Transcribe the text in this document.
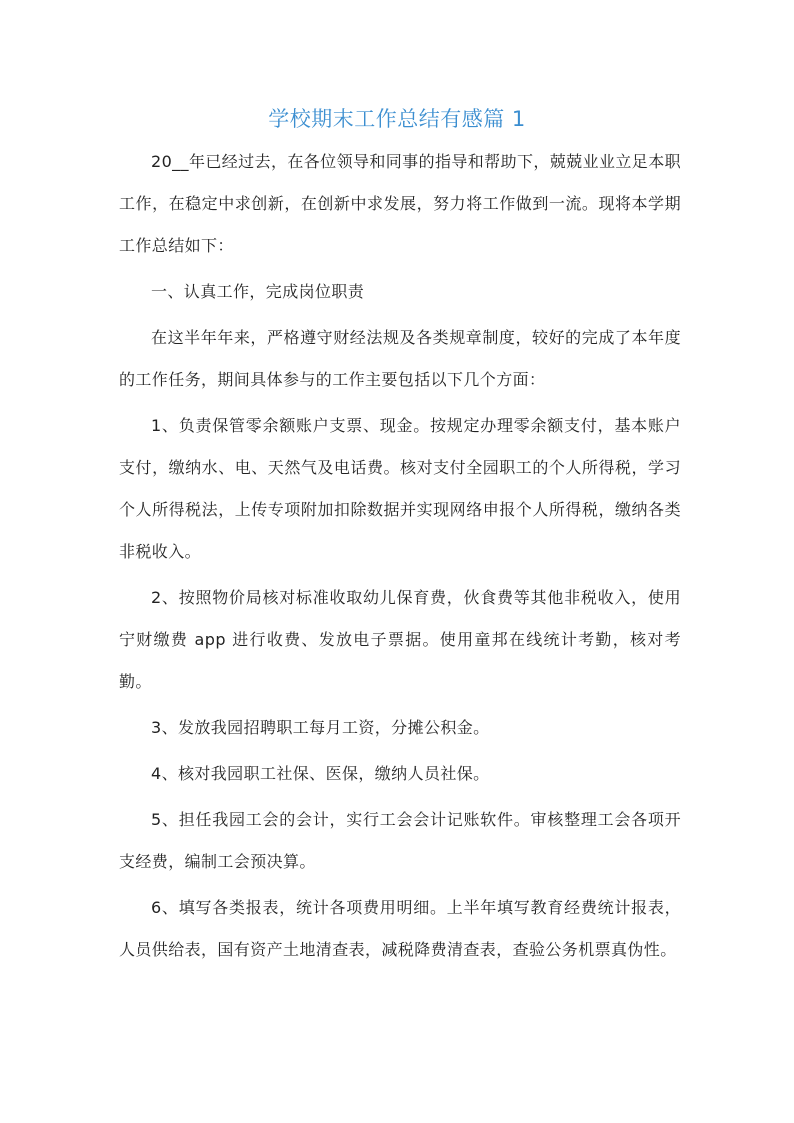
学校期末工作总结有感篇 1

20__年已经过去，在各位领导和同事的指导和帮助下，兢兢业业立足本职工作，在稳定中求创新，在创新中求发展，努力将工作做到一流。现将本学期工作总结如下：

一、认真工作，完成岗位职责

在这半年年来，严格遵守财经法规及各类规章制度，较好的完成了本年度的工作任务，期间具体参与的工作主要包括以下几个方面：

1、负责保管零余额账户支票、现金。按规定办理零余额支付，基本账户支付，缴纳水、电、天然气及电话费。核对支付全园职工的个人所得税，学习个人所得税法，上传专项附加扣除数据并实现网络申报个人所得税，缴纳各类非税收入。

2、按照物价局核对标准收取幼儿保育费，伙食费等其他非税收入，使用宁财缴费 app 进行收费、发放电子票据。使用童邦在线统计考勤，核对考勤。

3、发放我园招聘职工每月工资，分摊公积金。

4、核对我园职工社保、医保，缴纳人员社保。

5、担任我园工会的会计，实行工会会计记账软件。审核整理工会各项开支经费，编制工会预决算。

6、填写各类报表，统计各项费用明细。上半年填写教育经费统计报表，人员供给表，国有资产土地清查表，减税降费清查表，查验公务机票真伪性。
